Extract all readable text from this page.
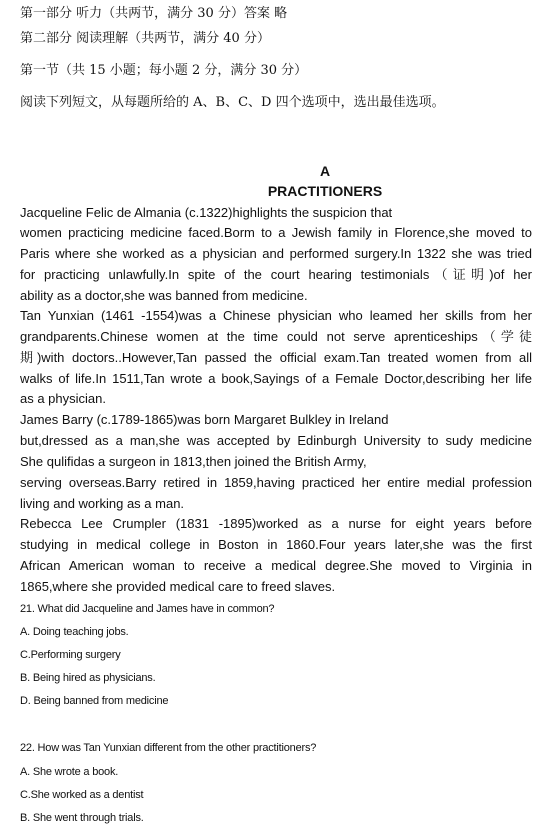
第一部分 听力（共两节，满分 30 分）答案 略
第二部分 阅读理解（共两节，满分 40 分）
第一节（共 15 小题；每小题 2 分，满分 30 分）
阅读下列短文，从每题所给的 A、B、C、D 四个选项中，选出最佳选项。
A
PRACTITIONERS
Jacqueline Felic de Almania (c.1322)highlights the suspicion that
women practicing medicine faced.Borm to a Jewish family in Florence,she moved to
Paris where she worked as a physician and performed surgery.In 1322 she was tried
for practicing unlawfully.In spite of the court hearing testimonials（证明)of her
ability as a doctor,she was banned from medicine.
Tan Yunxian (1461 -1554)was a Chinese physician who leamed her skills from her
grandparents.Chinese women at the time could not serve aprenticeships（学徒
期)with doctors..However,Tan passed the official exam.Tan treated women from all
walks of life.In 1511,Tan wrote a book,Sayings of a Female Doctor,describing her life
as a physician.
James Barry (c.1789-1865)was born Margaret Bulkley in Ireland
but,dressed as a man,she was accepted by Edinburgh University to sudy medicine
She qulifidas a surgeon in 1813,then joined the British Army,
serving overseas.Barry retired in 1859,having practiced her entire medial profession
living and working as a man.
Rebecca Lee Crumpler (1831 -1895)worked as a nurse for eight years before
studying in medical college in Boston in 1860.Four years later,she was the first
African American woman to receive a medical degree.She moved to Virginia in
1865,where she provided medical care to freed slaves.
21. What did Jacqueline and James have in common?
A. Doing teaching jobs.
C.Performing surgery
B. Being hired as physicians.
D. Being banned from medicine
22. How was Tan Yunxian different from the other practitioners?
A. She wrote a book.
C.She worked as a dentist
B. She went through trials.
